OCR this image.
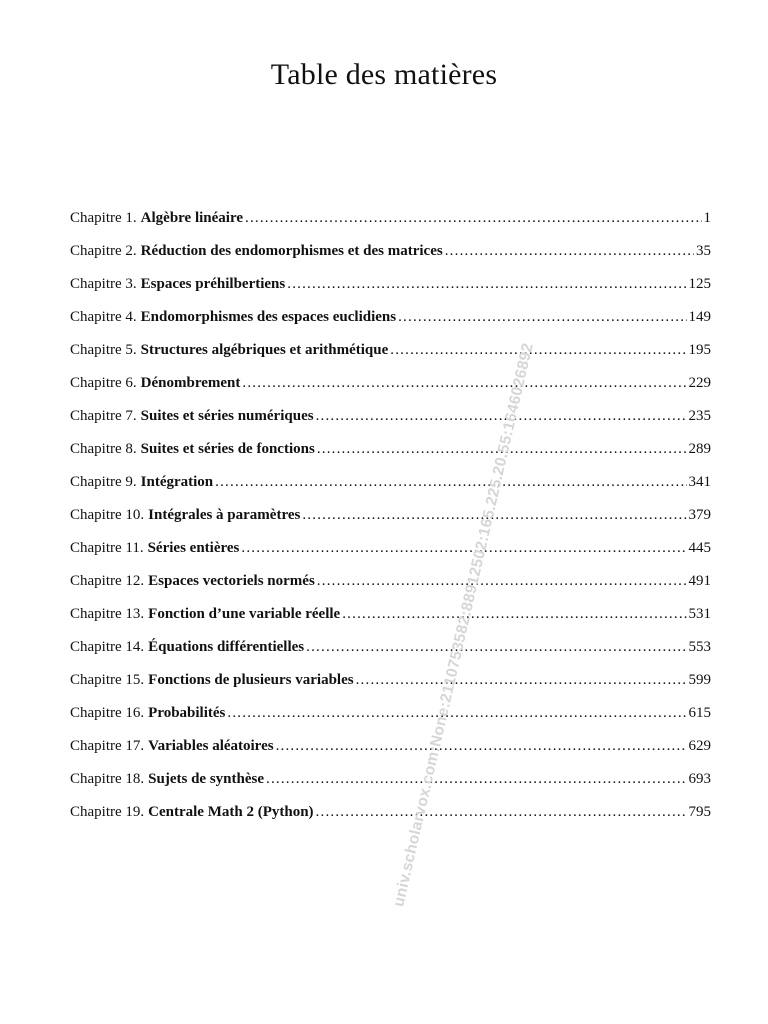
Table des matières
Chapitre 1. Algèbre linéaire .....	1
Chapitre 2. Réduction des endomorphismes et des matrices .....	35
Chapitre 3. Espaces préhilbertiens .....	125
Chapitre 4. Endomorphismes des espaces euclidiens .....	149
Chapitre 5. Structures algébriques et arithmétique .....	195
Chapitre 6. Dénombrement .....	229
Chapitre 7. Suites et séries numériques .....	235
Chapitre 8. Suites et séries de fonctions .....	289
Chapitre 9. Intégration .....	341
Chapitre 10. Intégrales à paramètres .....	379
Chapitre 11. Séries entières .....	445
Chapitre 12. Espaces vectoriels normés .....	491
Chapitre 13. Fonction d’une variable réelle .....	531
Chapitre 14. Équations différentielles .....	553
Chapitre 15. Fonctions de plusieurs variables .....	599
Chapitre 16. Probabilités .....	615
Chapitre 17. Variables aléatoires .....	629
Chapitre 18. Sujets de synthèse .....	693
Chapitre 19. Centrale Math 2 (Python) .....	795
univ.scholarvox.com:None:2110753582:88912502:165.225.20.55:1646026892
